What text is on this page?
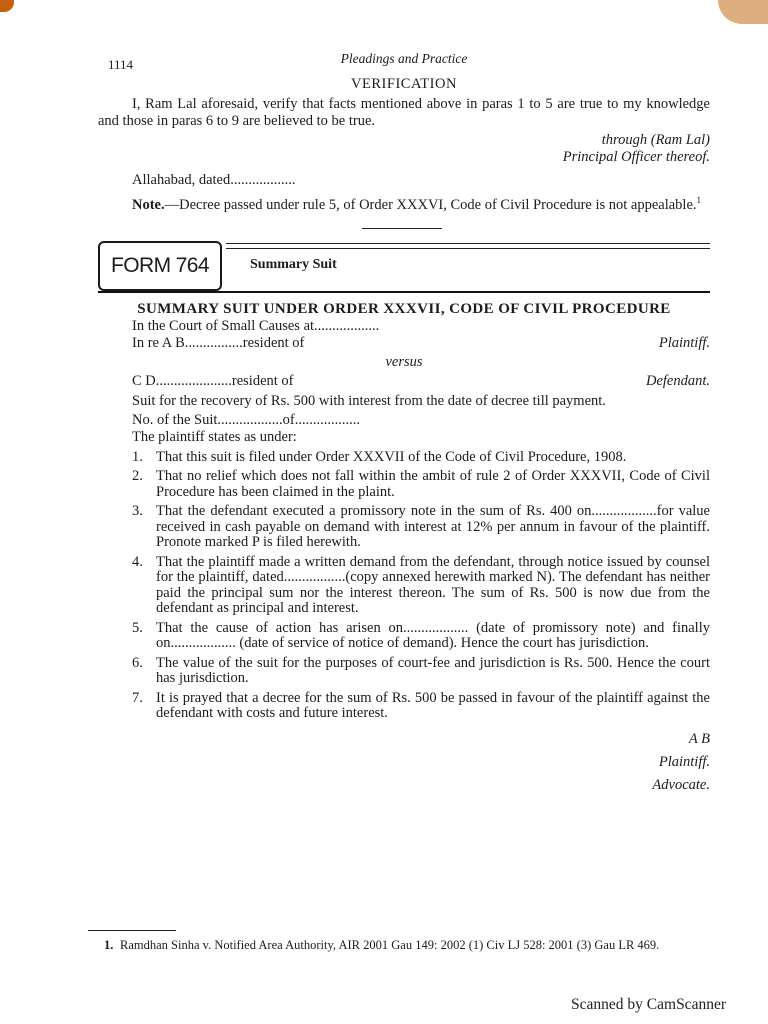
1114	Pleadings and Practice
VERIFICATION
I, Ram Lal aforesaid, verify that facts mentioned above in paras 1 to 5 are true to my knowledge and those in paras 6 to 9 are believed to be true.
through (Ram Lal)
Principal Officer thereof.
Allahabad, dated..................
Note.—Decree passed under rule 5, of Order XXXVI, Code of Civil Procedure is not appealable.$^1$
FORM 764	Summary Suit
SUMMARY SUIT UNDER ORDER XXXVII, CODE OF CIVIL PROCEDURE
In the Court of Small Causes at..................
In re A B................resident of	Plaintiff.
versus
C D.....................resident of	Defendant.
Suit for the recovery of Rs. 500 with interest from the date of decree till payment.
No. of the Suit..................of..................
The plaintiff states as under:
1. That this suit is filed under Order XXXVII of the Code of Civil Procedure, 1908.
2. That no relief which does not fall within the ambit of rule 2 of Order XXXVII, Code of Civil Procedure has been claimed in the plaint.
3. That the defendant executed a promissory note in the sum of Rs. 400 on..................for value received in cash payable on demand with interest at 12% per annum in favour of the plaintiff. Pronote marked P is filed herewith.
4. That the plaintiff made a written demand from the defendant, through notice issued by counsel for the plaintiff, dated.................(copy annexed herewith marked N). The defendant has neither paid the principal sum nor the interest thereon. The sum of Rs. 500 is now due from the defendant as principal and interest.
5. That the cause of action has arisen on.................. (date of promissory note) and finally on.................. (date of service of notice of demand). Hence the court has jurisdiction.
6. The value of the suit for the purposes of court-fee and jurisdiction is Rs. 500. Hence the court has jurisdiction.
7. It is prayed that a decree for the sum of Rs. 500 be passed in favour of the plaintiff against the defendant with costs and future interest.
A B
Plaintiff.
Advocate.
1. Ramdhan Sinha v. Notified Area Authority, AIR 2001 Gau 149: 2002 (1) Civ LJ 528: 2001 (3) Gau LR 469.
Scanned by CamScanner
